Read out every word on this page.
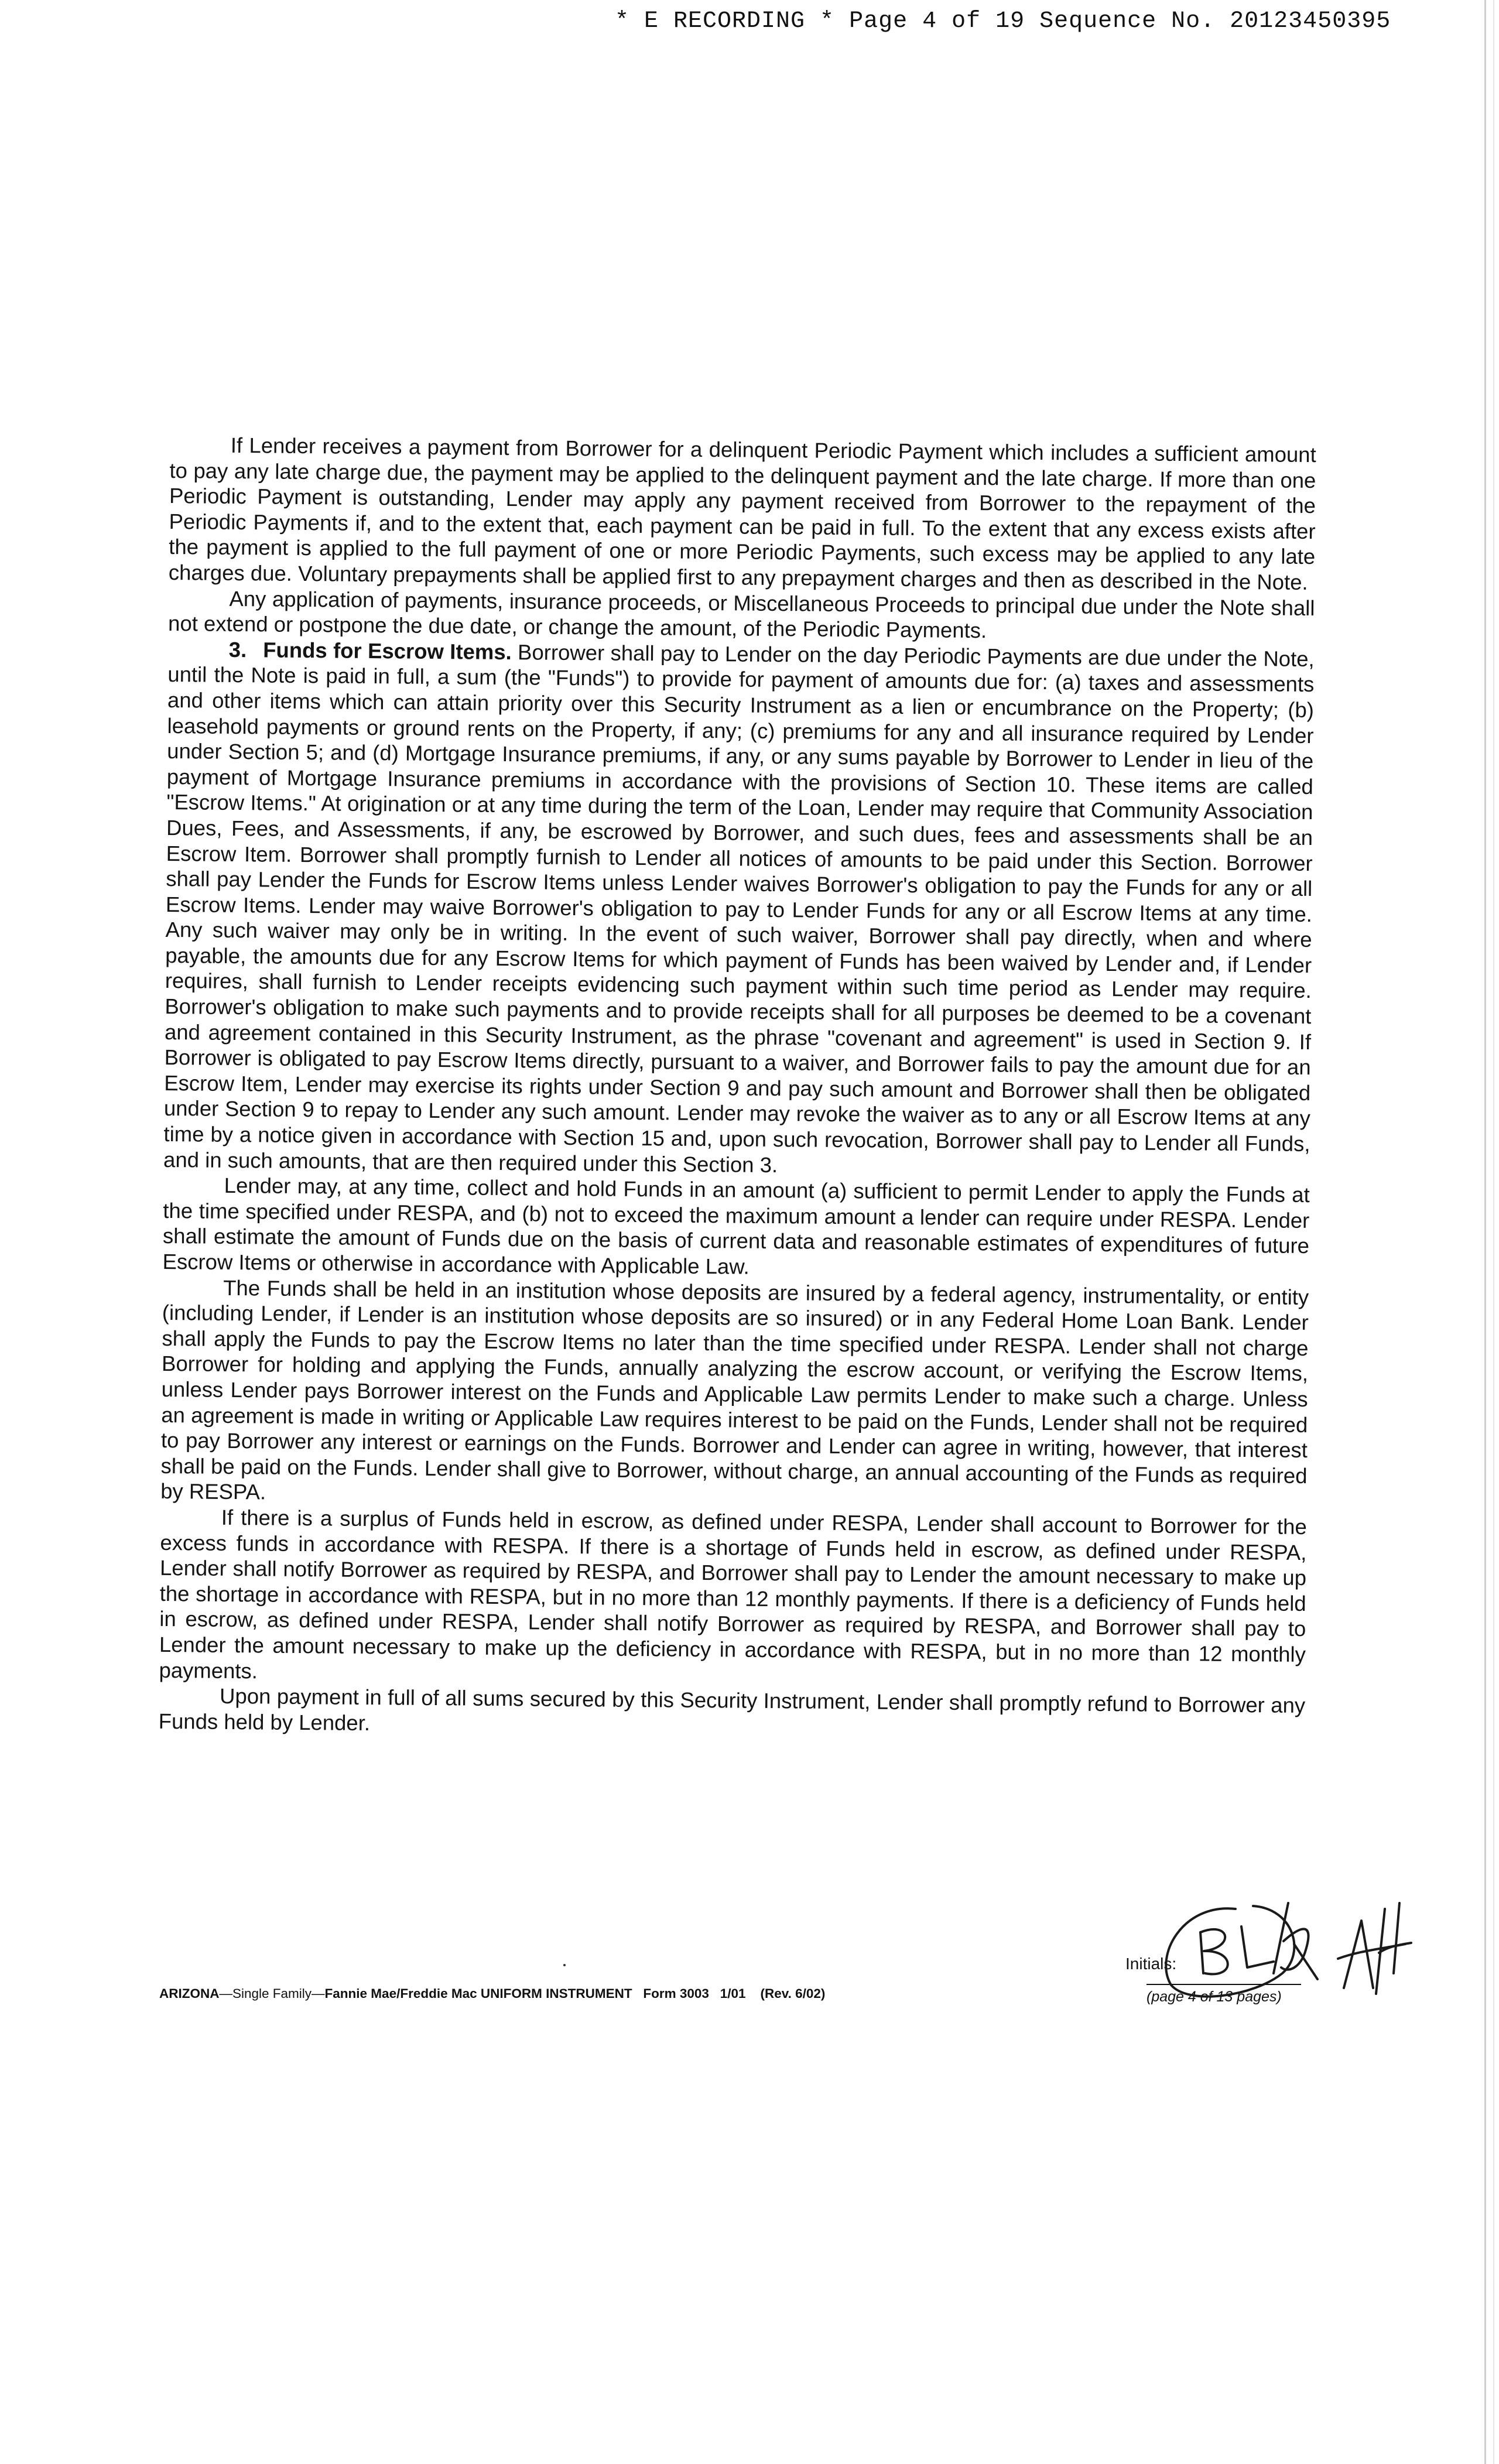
* E RECORDING * Page 4 of 19 Sequence No. 20123450395

If Lender receives a payment from Borrower for a delinquent Periodic Payment which includes a sufficient amount to pay any late charge due, the payment may be applied to the delinquent payment and the late charge. If more than one Periodic Payment is outstanding, Lender may apply any payment received from Borrower to the repayment of the Periodic Payments if, and to the extent that, each payment can be paid in full. To the extent that any excess exists after the payment is applied to the full payment of one or more Periodic Payments, such excess may be applied to any late charges due. Voluntary prepayments shall be applied first to any prepayment charges and then as described in the Note.

Any application of payments, insurance proceeds, or Miscellaneous Proceeds to principal due under the Note shall not extend or postpone the due date, or change the amount, of the Periodic Payments.

3. Funds for Escrow Items. Borrower shall pay to Lender on the day Periodic Payments are due under the Note, until the Note is paid in full, a sum (the "Funds") to provide for payment of amounts due for: (a) taxes and assessments and other items which can attain priority over this Security Instrument as a lien or encumbrance on the Property; (b) leasehold payments or ground rents on the Property, if any; (c) premiums for any and all insurance required by Lender under Section 5; and (d) Mortgage Insurance premiums, if any, or any sums payable by Borrower to Lender in lieu of the payment of Mortgage Insurance premiums in accordance with the provisions of Section 10. These items are called "Escrow Items." At origination or at any time during the term of the Loan, Lender may require that Community Association Dues, Fees, and Assessments, if any, be escrowed by Borrower, and such dues, fees and assessments shall be an Escrow Item. Borrower shall promptly furnish to Lender all notices of amounts to be paid under this Section. Borrower shall pay Lender the Funds for Escrow Items unless Lender waives Borrower's obligation to pay the Funds for any or all Escrow Items. Lender may waive Borrower's obligation to pay to Lender Funds for any or all Escrow Items at any time. Any such waiver may only be in writing. In the event of such waiver, Borrower shall pay directly, when and where payable, the amounts due for any Escrow Items for which payment of Funds has been waived by Lender and, if Lender requires, shall furnish to Lender receipts evidencing such payment within such time period as Lender may require. Borrower's obligation to make such payments and to provide receipts shall for all purposes be deemed to be a covenant and agreement contained in this Security Instrument, as the phrase "covenant and agreement" is used in Section 9. If Borrower is obligated to pay Escrow Items directly, pursuant to a waiver, and Borrower fails to pay the amount due for an Escrow Item, Lender may exercise its rights under Section 9 and pay such amount and Borrower shall then be obligated under Section 9 to repay to Lender any such amount. Lender may revoke the waiver as to any or all Escrow Items at any time by a notice given in accordance with Section 15 and, upon such revocation, Borrower shall pay to Lender all Funds, and in such amounts, that are then required under this Section 3.

Lender may, at any time, collect and hold Funds in an amount (a) sufficient to permit Lender to apply the Funds at the time specified under RESPA, and (b) not to exceed the maximum amount a lender can require under RESPA. Lender shall estimate the amount of Funds due on the basis of current data and reasonable estimates of expenditures of future Escrow Items or otherwise in accordance with Applicable Law.

The Funds shall be held in an institution whose deposits are insured by a federal agency, instrumentality, or entity (including Lender, if Lender is an institution whose deposits are so insured) or in any Federal Home Loan Bank. Lender shall apply the Funds to pay the Escrow Items no later than the time specified under RESPA. Lender shall not charge Borrower for holding and applying the Funds, annually analyzing the escrow account, or verifying the Escrow Items, unless Lender pays Borrower interest on the Funds and Applicable Law permits Lender to make such a charge. Unless an agreement is made in writing or Applicable Law requires interest to be paid on the Funds, Lender shall not be required to pay Borrower any interest or earnings on the Funds. Borrower and Lender can agree in writing, however, that interest shall be paid on the Funds. Lender shall give to Borrower, without charge, an annual accounting of the Funds as required by RESPA.

If there is a surplus of Funds held in escrow, as defined under RESPA, Lender shall account to Borrower for the excess funds in accordance with RESPA. If there is a shortage of Funds held in escrow, as defined under RESPA, Lender shall notify Borrower as required by RESPA, and Borrower shall pay to Lender the amount necessary to make up the shortage in accordance with RESPA, but in no more than 12 monthly payments. If there is a deficiency of Funds held in escrow, as defined under RESPA, Lender shall notify Borrower as required by RESPA, and Borrower shall pay to Lender the amount necessary to make up the deficiency in accordance with RESPA, but in no more than 12 monthly payments.

Upon payment in full of all sums secured by this Security Instrument, Lender shall promptly refund to Borrower any Funds held by Lender.

ARIZONA—Single Family—Fannie Mae/Freddie Mac UNIFORM INSTRUMENT Form 3003 1/01 (Rev. 6/02)
Initials:
(page 4 of 13 pages)
